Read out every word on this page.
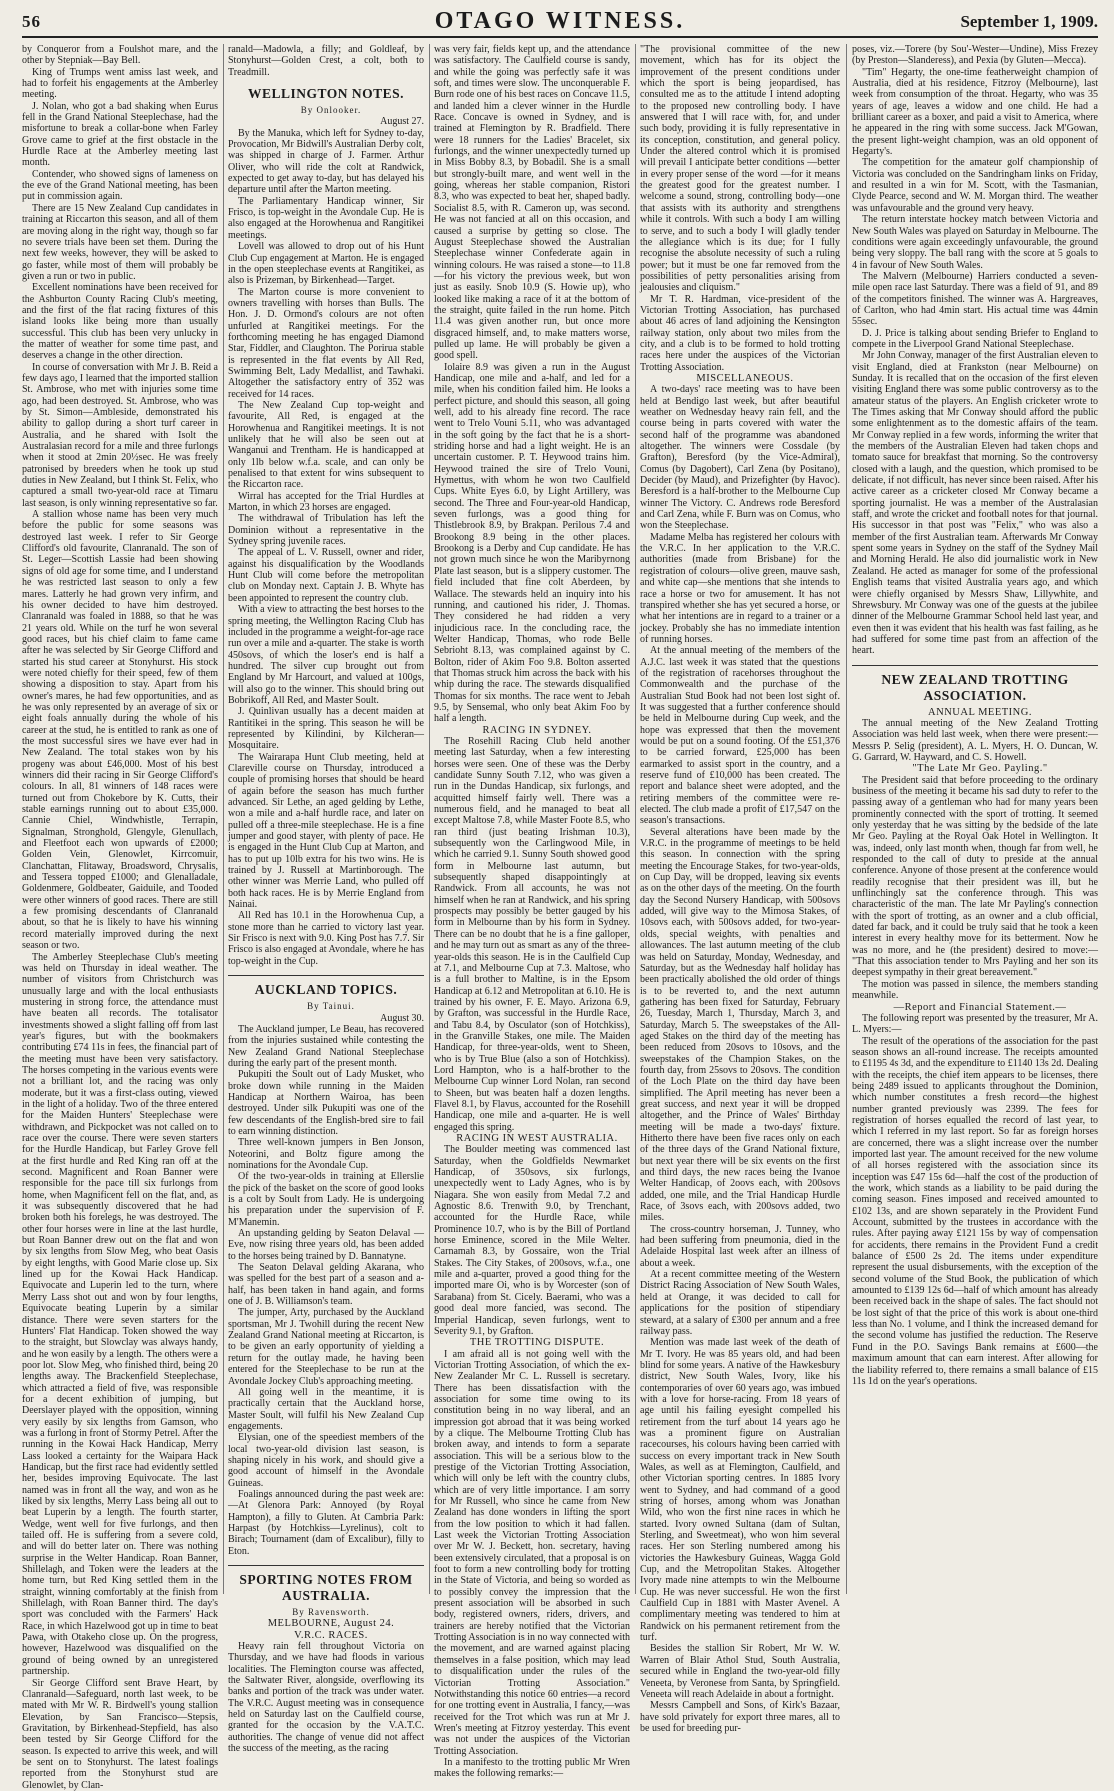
56	OTAGO WITNESS.	September 1, 1909.

by Conqueror from a Foulshot mare, and the other by Stepniak—Bay Bell.

King of Trumps went amiss last week, and had to forfeit his engagements at the Amberley meeting.

J. Nolan, who got a bad shaking when Eurus fell in the Grand National Steeplechase, had the misfortune to break a collar-bone when Farley Grove came to grief at the first obstacle in the Hurdle Race at the Amberley meeting last month.

Contender, who showed signs of lameness on the eve of the Grand National meeting, has been put in commission again.

There are 15 New Zealand Cup candidates in training at Riccarton this season, and all of them are moving along in the right way, though so far no severe trials have been set them. During the next few weeks, however, they will be asked to go faster, while most of them will probably be given a run or two in public.

Excellent nominations have been received for the Ashburton County Racing Club's meeting, and the first of the flat racing fixtures of this island looks like being more than usually successful. This club has been very unlucky in the matter of weather for some time past, and deserves a change in the other direction.

In course of conversation with Mr J. B. Reid a few days ago, I learned that the imported stallion St. Ambrose, who met with injuries some time ago, had been destroyed. St. Ambrose, who was by St. Simon—Ambleside, demonstrated his ability to gallop during a short turf career in Australia, and he shared with Isolt the Australasian record for a mile and three furlongs when it stood at 2min 20½sec. He was freely patronised by breeders when he took up stud duties in New Zealand, but I think St. Felix, who captured a small two-year-old race at Timaru last season, is only winning representative so far.

A stallion whose name has been very much before the public for some seasons was destroyed last week. I refer to Sir George Clifford's old favourite, Clanranald. The son of St. Leger—Scottish Lassie had been showing signs of old age for some time, and I understand he was restricted last season to only a few mares. Latterly he had grown very infirm, and his owner decided to have him destroyed. Clanranald was foaled in 1888, so that he was 21 years old. While on the turf he won several good races, but his chief claim to fame came after he was selected by Sir George Clifford and started his stud career at Stonyhurst. His stock were noted chiefly for their speed, few of them showing a disposition to stay. Apart from his owner's mares, he had few opportunities, and as he was only represented by an average of six or eight foals annually during the whole of his career at the stud, he is entitled to rank as one of the most successful sires we have ever had in New Zealand. The total stakes won by his progeny was about £46,000. Most of his best winners did their racing in Sir George Clifford's colours. In all, 81 winners of 148 races were turned out from Chokebore by K. Cutts, their stable earnings running out to about £35,000. Cannie Chiel, Windwhistle, Terrapin, Signalman, Stronghold, Glengyle, Glenullach, and Fleetfoot each won upwards of £2000; Golden Vein, Glenowlet, Kirrcomuir, Clanchattan, Flitaway, Broadsword, Chrysalis, and Tessera topped £1000; and Glenalladale, Goldenmere, Goldbeater, Gaiduile, and Tooded were other winners of good races. There are still a few promising descendants of Clanranald about, so that he is likely to have his winning record materially improved during the next season or two.

The Amberley Steeplechase Club's meeting was held on Thursday in ideal weather. The number of visitors from Christchurch was unusually large and with the local enthusiasts mustering in strong force, the attendance must have beaten all records. The totalisator investments showed a slight falling off from last year's figures, but with the bookmakers contributing £74 11s in fees, the financial part of the meeting must have been very satisfactory. The horses competing in the various events were not a brilliant lot, and the racing was only moderate, but it was a first-class outing, viewed in the light of a holiday. Two of the three entered for the Maiden Hunters' Steeplechase were withdrawn, and Pickpocket was not called on to race over the course. There were seven starters for the Hurdle Handicap, but Farley Grove fell at the first hurdle and Red King ran off at the second. Magnificent and Roan Banner were responsible for the pace till six furlongs from home, when Magnificent fell on the flat, and, as it was subsequently discovered that he had broken both his forelegs, he was destroyed. The other four horses were in line at the last hurdle, but Roan Banner drew out on the flat and won by six lengths from Slow Meg, who beat Oasis by eight lengths, with Good Marie close up. Six lined up for the Kowai Hack Handicap. Equivocate and Luperin led to the turn, where Merry Lass shot out and won by four lengths, Equivocate beating Luperin by a similar distance. There were seven starters for the Hunters' Flat Handicap. Token showed the way to the straight, but Slowclay was always handy, and he won easily by a length. The others were a poor lot. Slow Meg, who finished third, being 20 lengths away. The Brackenfield Steeplechase, which attracted a field of five, was responsible for a decent exhibition of jumping, but Deerslayer played with the opposition, winning very easily by six lengths from Gamson, who was a furlong in front of Stormy Petrel. After the running in the Kowai Hack Handicap, Merry Lass looked a certainty for the Waipara Hack Handicap, but the first race had evidently settled her, besides improving Equivocate. The last named was in front all the way, and won as he liked by six lengths, Merry Lass being all out to beat Luperin by a length. The fourth starter, Wedge, went well for five furlongs, and then tailed off. He is suffering from a severe cold, and will do better later on. There was nothing surprise in the Welter Handicap. Roan Banner, Shillelagh, and Token were the leaders at the home turn, but Red King settled them in the straight, winning comfortably at the finish from Shillelagh, with Roan Banner third. The day's sport was concluded with the Farmers' Hack Race, in which Hazelwood got up in time to beat Pawa, with Otakeho close up. On the progress, however, Hazelwood was disqualified on the ground of being owned by an unregistered partnership.

Sir George Clifford sent Brave Heart, by Clanranald—Safeguard, north last week, to be mated with Mr W. R. Birdwell's young stallion Elevation, by San Francisco—Stepsis, Gravitation, by Birkenhead-Stepfield, has also been tested by Sir George Clifford for the season. Is expected to arrive this week, and will be sent on to Stonyhurst. The latest foalings reported from the Stonyhurst stud are Glenowlet, by Clan-

ranald—Madowla, a filly; and Goldleaf, by Stonyhurst—Golden Crest, a colt, both to Treadmill.

WELLINGTON NOTES.

By Onlooker.

August 27.

By the Manuka, which left for Sydney to-day, Provocation, Mr Bidwill's Australian Derby colt, was shipped in charge of J. Farmer. Arthur Oliver, who will ride the colt at Randwick, expected to get away to-day, but has delayed his departure until after the Marton meeting.

The Parliamentary Handicap winner, Sir Frisco, is top-weight in the Avondale Cup. He is also engaged at the Horowhenua and Rangitikei meetings.

Lovell was allowed to drop out of his Hunt Club Cup engagement at Marton. He is engaged in the open steeplechase events at Rangitikei, as also is Prizeman, by Birkenhead—Target.

The Marton course is more convenient to owners travelling with horses than Bulls. The Hon. J. D. Ormond's colours are not often unfurled at Rangitikei meetings. For the forthcoming meeting he has engaged Diamond Star, Fiddler, and Claughton. The Porirua stable is represented in the flat events by All Red, Swimming Belt, Lady Medallist, and Tawhaki. Altogether the satisfactory entry of 352 was received for 14 races.

The New Zealand Cup top-weight and favourite, All Red, is engaged at the Horowhenua and Rangitikei meetings. It is not unlikely that he will also be seen out at Wanganui and Trentham. He is handicapped at only 1lb below w.f.a. scale, and can only be penalised to that extent for wins subsequent to the Riccarton race.

Wirral has accepted for the Trial Hurdles at Marton, in which 23 horses are engaged.

The withdrawal of Tribulation has left the Dominion without a representative in the Sydney spring juvenile races.

The appeal of L. V. Russell, owner and rider, against his disqualification by the Woodlands Hunt Club will come before the metropolitan club on Monday next. Captain J. B. Whyte has been appointed to represent the country club.

With a view to attracting the best horses to the spring meeting, the Wellington Racing Club has included in the programme a weight-for-age race run over a mile and a-quarter. The stake is worth 450sovs, of which the loser's end is half a hundred. The silver cup brought out from England by Mr Harcourt, and valued at 100gs, will also go to the winner. This should bring out Bobrikoff, All Red, and Master Soult.

J. Quinlivan usually has a decent maiden at Rantitikei in the spring. This season he will be represented by Kilindini, by Kilcheran—Mosquitaire.

The Wairarapa Hunt Club meeting, held at Clareville course on Thursday, introduced a couple of promising horses that should be heard of again before the season has much further advanced. Sir Lethe, an aged gelding by Lethe, won a mile and a-half hurdle race, and later on pulled off a three-mile steeplechase. He is a fine jumper and good stayer, with plenty of pace. He is engaged in the Hunt Club Cup at Marton, and has to put up 10lb extra for his two wins. He is trained by J. Russell at Martinborough. The other winner was Merrie Land, who pulled off both hack races. He is by Merrie England from Nainai.

All Red has 10.1 in the Horowhenua Cup, a stone more than he carried to victory last year. Sir Frisco is next with 9.0. King Post has 7.7. Sir Frisco is also engaged at Avondale, where he has top-weight in the Cup.

AUCKLAND TOPICS.

By Tainui.

August 30.

The Auckland jumper, Le Beau, has recovered from the injuries sustained while contesting the New Zealand Grand National Steeplechase during the early part of the present month.

Pukupiti the Soult out of Lady Musket, who broke down while running in the Maiden Handicap at Northern Wairoa, has been destroyed. Under silk Pukupiti was one of the few descendants of the English-bred sire to fail to earn winning distinction.

Three well-known jumpers in Ben Jonson, Noteorini, and Boltz figure among the nominations for the Avondale Cup.

Of the two-year-olds in training at Ellerslie the pick of the basket on the score of good looks is a colt by Soult from Lady. He is undergoing his preparation under the supervision of F. M'Manemin.

An upstanding gelding by Seaton Delaval —Eve, now rising three years old, has been added to the horses being trained by D. Bannatyne.

The Seaton Delaval gelding Akarana, who was spelled for the best part of a season and a-half, has been taken in hand again, and forms one of J. B. Williamson's team.

The jumper, Arty, purchased by the Auckland sportsman, Mr J. Twohill during the recent New Zealand Grand National meeting at Riccarton, is to be given an early opportunity of yielding a return for the outlay made, he having been entered for the Steeplechase to be run at the Avondale Jockey Club's approaching meeting.

All going well in the meantime, it is practically certain that the Auckland horse, Master Soult, will fulfil his New Zealand Cup engagements.

Elysian, one of the speediest members of the local two-year-old division last season, is shaping nicely in his work, and should give a good account of himself in the Avondale Guineas.

Foalings announced during the past week are:—At Glenora Park: Annoyed (by Royal Hampton), a filly to Gluten. At Cambria Park: Harpast (by Hotchkiss—Lyrelinus), colt to Birach; Tournament (dam of Excalibur), filly to Eton.

SPORTING NOTES FROM AUSTRALIA.

By Ravensworth.

MELBOURNE, August 24.

V.R.C. RACES.

Heavy rain fell throughout Victoria on Thursday, and we have had floods in various localities. The Flemington course was affected, the Saltwater River, alongside, overflowing its banks and portion of the track was under water. The V.R.C. August meeting was in consequence held on Saturday last on the Caulfield course, granted for the occasion by the V.A.T.C. authorities. The change of venue did not affect the success of the meeting, as the racing

was very fair, fields kept up, and the attendance was satisfactory. The Caulfield course is sandy, and while the going was perfectly safe it was soft, and times were slow. The unconquerable F. Burn rode one of his best races on Concave 11.5, and landed him a clever winner in the Hurdle Race. Concave is owned in Sydney, and is trained at Flemington by R. Bradfield. There were 18 runners for the Ladies' Bracelet, six furlongs, and the winner unexpectedly turned up in Miss Bobby 8.3, by Bobadil. She is a small but strongly-built mare, and went well in the going, whereas her stable companion, Ristori 8.3, who was expected to beat her, shaped badly. Socialist 8.5, with R. Cameron up, was second. He was not fancied at all on this occasion, and caused a surprise by getting so close. The August Steeplechase showed the Australian Steeplechase winner Confederate again in winning colours. He was raised a stone—to 11.8—for his victory the previous week, but won just as easily. Snob 10.9 (S. Howie up), who looked like making a race of it at the bottom of the straight, quite failed in the run home. Pitch 11.4 was given another run, but once more disgraced himself, and, to make matters worse, pulled up lame. He will probably be given a good spell.

Iolaire 8.9 was given a run in the August Handicap, one mile and a-half, and led for a mile, when his condition failed him. He looks a perfect picture, and should this season, all going well, add to his already fine record. The race went to Trelo Vouni 5.11, who was advantaged in the soft going by the fact that he is a short-striding horse and had a light weight. He is an uncertain customer. P. T. Heywood trains him. Heywood trained the sire of Trelo Vouni, Hymettus, with whom he won two Caulfield Cups. White Eyes 6.0, by Light Artillery, was second. The Three and Four-year-old Handicap, seven furlongs, was a good thing for Thistlebrook 8.9, by Brakpan. Perilous 7.4 and Brookong 8.9 being in the other places. Brookong is a Derby and Cup candidate. He has not grown much since he won the Maribyrnong Plate last season, but is a slippery customer. The field included that fine colt Aberdeen, by Wallace. The stewards held an inquiry into his running, and cautioned his rider, J. Thomas. They considered he had ridden a very injudicious race. In the concluding race, the Welter Handicap, Thomas, who rode Belle Sebrioht 8.13, was complained against by C. Bolton, rider of Akim Foo 9.8. Bolton asserted that Thomas struck him across the back with his whip during the race. The stewards disqualified Thomas for six months. The race went to Jebah 9.5, by Sensemal, who only beat Akim Foo by half a length.

RACING IN SYDNEY.

The Rosehill Racing Club held another meeting last Saturday, when a few interesting horses were seen. One of these was the Derby candidate Sunny South 7.12, who was given a run in the Dundas Handicap, six furlongs, and acquitted himself fairly well. There was a numerous field, and he managed to beat all except Maltose 7.8, while Master Foote 8.5, who ran third (just beating Irishman 10.3), subsequently won the Carlingwood Mile, in which he carried 9.1. Sunny South showed good form in Melbourne last autumn, but subsequently shaped disappointingly at Randwick. From all accounts, he was not himself when he ran at Randwick, and his spring prospects may possibly be better gauged by his form in Melbourne than by his form in Sydney. There can be no doubt that he is a fine galloper, and he may turn out as smart as any of the three-year-olds this season. He is in the Caulfield Cup at 7.1, and Melbourne Cup at 7.3. Maltose, who is a full brother to Maltine, is in the Epsom Handicap at 6.12 and Metropolitan at 6.10. He is trained by his owner, F. E. Mayo. Arizona 6.9, by Grafton, was successful in the Hurdle Race, and Tabu 8.4, by Osculator (son of Hotchkiss), in the Granville Stakes, one mile. The Maiden Handicap, for three-year-olds, went to Sheen, who is by True Blue (also a son of Hotchkiss). Lord Hampton, who is a half-brother to the Melbourne Cup winner Lord Nolan, ran second to Sheen, but was beaten half a dozen lengths. Flavel 8.1, by Flavus, accounted for the Rosehill Handicap, one mile and a-quarter. He is well engaged this spring.

RACING IN WEST AUSTRALIA.

The Boulder meeting was commenced last Saturday, when the Goldfields Newmarket Handicap, of 350sovs, six furlongs, unexpectedly went to Lady Agnes, who is by Niagara. She won easily from Medal 7.2 and Agnostic 8.6. Trenwith 9.0, by Trenchant, accounted for the Hurdle Race, while Prominence 10.7, who is by the Bill of Portland horse Eminence, scored in the Mile Welter. Carnamah 8.3, by Gossaire, won the Trial Stakes. The City Stakes, of 200sovs, w.f.a., one mile and a-quarter, proved a good thing for the imported mare Oi, who is by Worcester (son of Sarabana) from St. Cicely. Baerami, who was a good deal more fancied, was second. The Imperial Handicap, seven furlongs, went to Severity 9.1, by Grafton.

THE TROTTING DISPUTE.

I am afraid all is not going well with the Victorian Trotting Association, of which the ex-New Zealander Mr C. L. Russell is secretary. There has been dissatisfaction with the association for some time owing to its constitution being in no way liberal, and an impression got abroad that it was being worked by a clique. The Melbourne Trotting Club has broken away, and intends to form a separate association. This will be a serious blow to the prestige of the Victorian Trotting Association, which will only be left with the country clubs, which are of very little importance. I am sorry for Mr Russell, who since he came from New Zealand has done wonders in lifting the sport from the low position to which it had fallen. Last week the Victorian Trotting Association over Mr W. J. Beckett, hon. secretary, having been extensively circulated, that a proposal is on foot to form a new controlling body for trotting in the State of Victoria, and being so worded as to possibly convey the impression that the present association will be absorbed in such body, registered owners, riders, drivers, and trainers are hereby notified that the Victorian Trotting Association is in no way connected with the movement, and are warned against placing themselves in a false position, which may lead to disqualification under the rules of the Victorian Trotting Association." Notwithstanding this notice 60 entries—a record for one trotting event in Australia, I fancy,—was received for the Trot which was run at Mr J. Wren's meeting at Fitzroy yesterday. This event was not under the auspices of the Victorian Trotting Association.

In a manifesto to the trotting public Mr Wren makes the following remarks:—

"The provisional committee of the new movement, which has for its object the improvement of the present conditions under which the sport is being jeopardised, has consulted me as to the attitude I intend adopting to the proposed new controlling body. I have answered that I will race with, for, and under such body, providing it is fully representative in its conception, constitution, and general policy. Under the altered control which it is promised will prevail I anticipate better conditions —better in every proper sense of the word —for it means the greatest good for the greatest number. I welcome a sound, strong, controlling body—one that assists with its authority and strengthens while it controls. With such a body I am willing to serve, and to such a body I will gladly tender the allegiance which is its due; for I fully recognise the absolute necessity of such a ruling power; but it must be one far removed from the possibilities of petty personalities arising from jealousies and cliquism."

Mr T. R. Hardman, vice-president of the Victorian Trotting Association, has purchased about 46 acres of land adjoining the Kensington railway station, only about two miles from the city, and a club is to be formed to hold trotting races here under the auspices of the Victorian Trotting Association.

MISCELLANEOUS.

A two-days' race meeting was to have been held at Bendigo last week, but after beautiful weather on Wednesday heavy rain fell, and the course being in parts covered with water the second half of the programme was abandoned altogether. The winners were Cossdale (by Grafton), Beresford (by the Vice-Admiral), Comus (by Dagobert), Carl Zena (by Positano), Decider (by Maud), and Prizefighter (by Havoc). Beresford is a half-brother to the Melbourne Cup winner The Victory. C. Andrews rode Beresford and Carl Zena, while F. Burn was on Comus, who won the Steeplechase.

Madame Melba has registered her colours with the V.R.C. In her application to the V.R.C. authorities (made from Brisbane) for the registration of colours—olive green, mauve sash, and white cap—she mentions that she intends to race a horse or two for amusement. It has not transpired whether she has yet secured a horse, or what her intentions are in regard to a trainer or a jockey. Probably she has no immediate intention of running horses.

At the annual meeting of the members of the A.J.C. last week it was stated that the questions of the registration of racehorses throughout the Commonwealth and the purchase of the Australian Stud Book had not been lost sight of. It was suggested that a further conference should be held in Melbourne during Cup week, and the hope was expressed that then the movement would be put on a sound footing. Of the £51,376 to be carried forward, £25,000 has been earmarked to assist sport in the country, and a reserve fund of £10,000 has been created. The report and balance sheet were adopted, and the retiring members of the committee were re-elected. The club made a profit of £17,547 on the season's transactions.

Several alterations have been made by the V.R.C. in the programme of meetings to be held this season. In connection with the spring meeting the Encourage Stakes, for two-year-olds, on Cup Day, will be dropped, leaving six events as on the other days of the meeting. On the fourth day the Second Nursery Handicap, with 500sovs added, will give way to the Mimosa Stakes, of 10sovs each, with 500sovs added, for two-year-olds, special weights, with penalties and allowances. The last autumn meeting of the club was held on Saturday, Monday, Wednesday, and Saturday, but as the Wednesday half holiday has been practically abolished the old order of things is to be reverted to, and the next autumn gathering has been fixed for Saturday, February 26, Tuesday, March 1, Thursday, March 3, and Saturday, March 5. The sweepstakes of the All-aged Stakes on the third day of the meeting has been reduced from 20sovs to 10sovs, and the sweepstakes of the Champion Stakes, on the fourth day, from 25sovs to 20sovs. The condition of the Loch Plate on the third day have been simplified. The April meeting has never been a great success, and next year it will be dropped altogether, and the Prince of Wales' Birthday meeting will be made a two-days' fixture. Hitherto there have been five races only on each of the three days of the Grand National fixture, but next year there will be six events on the first and third days, the new races being the Ivanoe Welter Handicap, of 2oovs each, with 200sovs added, one mile, and the Trial Handicap Hurdle Race, of 3sovs each, with 200sovs added, two miles.

The cross-country horseman, J. Tunney, who had been suffering from pneumonia, died in the Adelaide Hospital last week after an illness of about a week.

At a recent committee meeting of the Western District Racing Association of New South Wales, held at Orange, it was decided to call for applications for the position of stipendiary steward, at a salary of £300 per annum and a free railway pass.

Mention was made last week of the death of Mr T. Ivory. He was 85 years old, and had been blind for some years. A native of the Hawkesbury district, New South Wales, Ivory, like his contemporaries of over 60 years ago, was imbued with a love for horse-racing. From 18 years of age until his failing eyesight compelled his retirement from the turf about 14 years ago he was a prominent figure on Australian racecourses, his colours having been carried with success on every important track in New South Wales, as well as at Flemington, Caulfield, and other Victorian sporting centres. In 1885 Ivory went to Sydney, and had command of a good string of horses, among whom was Jonathan Wild, who won the first nine races in which he started. Ivory owned Sultana (dam of Sultan, Sterling, and Sweetmeat), who won him several races. Her son Sterling numbered among his victories the Hawkesbury Guineas, Wagga Gold Cup, and the Metropolitan Stakes. Altogether Ivory made nine attempts to win the Melbourne Cup. He was never successful. He won the first Caulfield Cup in 1881 with Master Avenel. A complimentary meeting was tendered to him at Randwick on his permanent retirement from the turf.

Besides the stallion Sir Robert, Mr W. W. Warren of Blair Athol Stud, South Australia, secured while in England the two-year-old filly Veneeta, by Veronese from Santa, by Springfield. Veneeta will reach Adelaide in about a fortnight.

Messrs Campbell and Sons, of Kirk's Bazaar, have sold privately for export three mares, all to be used for breeding pur-

poses, viz.—Torere (by Sou'-Wester—Undine), Miss Frezey (by Preston—Slanderess), and Pexia (by Gluten—Mecca).

"Tim" Hegarty, the one-time featherweight champion of Australia, died at his residence, Fitzroy (Melbourne), last week from consumption of the throat. Hegarty, who was 35 years of age, leaves a widow and one child. He had a brilliant career as a boxer, and paid a visit to America, where he appeared in the ring with some success. Jack M'Gowan, the present light-weight champion, was an old opponent of Hegarty's.

The competition for the amateur golf championship of Victoria was concluded on the Sandringham links on Friday, and resulted in a win for M. Scott, with the Tasmanian, Clyde Pearce, second and W. M. Morgan third. The weather was unfavourable and the ground very heavy.

The return interstate hockey match between Victoria and New South Wales was played on Saturday in Melbourne. The conditions were again exceedingly unfavourable, the ground being very sloppy. The ball rang with the score at 5 goals to 4 in favour of New South Wales.

The Malvern (Melbourne) Harriers conducted a seven-mile open race last Saturday. There was a field of 91, and 89 of the competitors finished. The winner was A. Hargreaves, of Carlton, who had 4min start. His actual time was 44min 55sec.

D. J. Price is talking about sending Briefer to England to compete in the Liverpool Grand National Steeplechase.

Mr John Conway, manager of the first Australian eleven to visit England, died at Frankston (near Melbourne) on Sunday. It is recalled that on the occasion of the first eleven visiting England there was some public controversy as to the amateur status of the players. An English cricketer wrote to The Times asking that Mr Conway should afford the public some enlightenment as to the domestic affairs of the team. Mr Conway replied in a few words, informing the writer that the members of the Australian Eleven had taken chops and tomato sauce for breakfast that morning. So the controversy closed with a laugh, and the question, which promised to be delicate, if not difficult, has never since been raised. After his active career as a cricketer closed Mr Conway became a sporting journalist. He was a member of the Australasian staff, and wrote the cricket and football notes for that journal. His successor in that post was "Felix," who was also a member of the first Australian team. Afterwards Mr Conway spent some years in Sydney on the staff of the Sydney Mail and Morning Herald. He also did journalistic work in New Zealand. He acted as manager for some of the professional English teams that visited Australia years ago, and which were chiefly organised by Messrs Shaw, Lillywhite, and Shrewsbury. Mr Conway was one of the guests at the jubilee dinner of the Melbourne Grammar School held last year, and even then it was evident that his health was fast failing, as he had suffered for some time past from an affection of the heart.

NEW ZEALAND TROTTING ASSOCIATION.

ANNUAL MEETING.

The annual meeting of the New Zealand Trotting Association was held last week, when there were present:—Messrs P. Selig (president), A. L. Myers, H. O. Duncan, W. G. Garrard, W. Hayward, and C. S. Howell.

"The Late Mr Geo. Payling."

The President said that before proceeding to the ordinary business of the meeting it became his sad duty to refer to the passing away of a gentleman who had for many years been prominently connected with the sport of trotting. It seemed only yesterday that he was sitting by the bedside of the late Mr Geo. Payling at the Royal Oak Hotel in Wellington. It was, indeed, only last month when, though far from well, he responded to the call of duty to preside at the annual conference. Anyone of those present at the conference would readily recognise that their president was ill, but he unflinchingly sat the conference through. This was characteristic of the man. The late Mr Payling's connection with the sport of trotting, as an owner and a club official, dated far back, and it could be truly said that he took a keen interest in every healthy move for its betterment. Now he was no more, and he (the president) desired to move:— "That this association tender to Mrs Payling and her son its deepest sympathy in their great bereavement."

The motion was passed in silence, the members standing meanwhile.

—Report and Financial Statement.—

The following report was presented by the treasurer, Mr A. L. Myers:—

The result of the operations of the association for the past season shows an all-round increase. The receipts amounted to £1195 4s 3d, and the expenditure to £1140 13s 2d. Dealing with the receipts, the chief item appears to be licenses, there being 2489 issued to applicants throughout the Dominion, which number constitutes a fresh record—the highest number granted previously was 2399. The fees for registration of horses equalled the record of last year, to which I referred in my last report. So far as foreign horses are concerned, there was a slight increase over the number imported last year. The amount received for the new volume of all horses registered with the association since its inception was £47 15s 6d—half the cost of the production of the work, which stands as a liability to be paid during the coming season. Fines imposed and received amounted to £102 13s, and are shown separately in the Provident Fund Account, submitted by the trustees in accordance with the rules. After paying away £121 15s by way of compensation for accidents, there remains in the Provident Fund a credit balance of £500 2s 2d. The items under expenditure represent the usual disbursements, with the exception of the second volume of the Stud Book, the publication of which amounted to £139 12s 6d—half of which amount has already been received back in the shape of sales. The fact should not be lost sight of that the price of this work is about one-third less than No. 1 volume, and I think the increased demand for the second volume has justified the reduction. The Reserve Fund in the P.O. Savings Bank remains at £600—the maximum amount that can earn interest. After allowing for the liability referred to, there remains a small balance of £15 11s 1d on the year's operations.
